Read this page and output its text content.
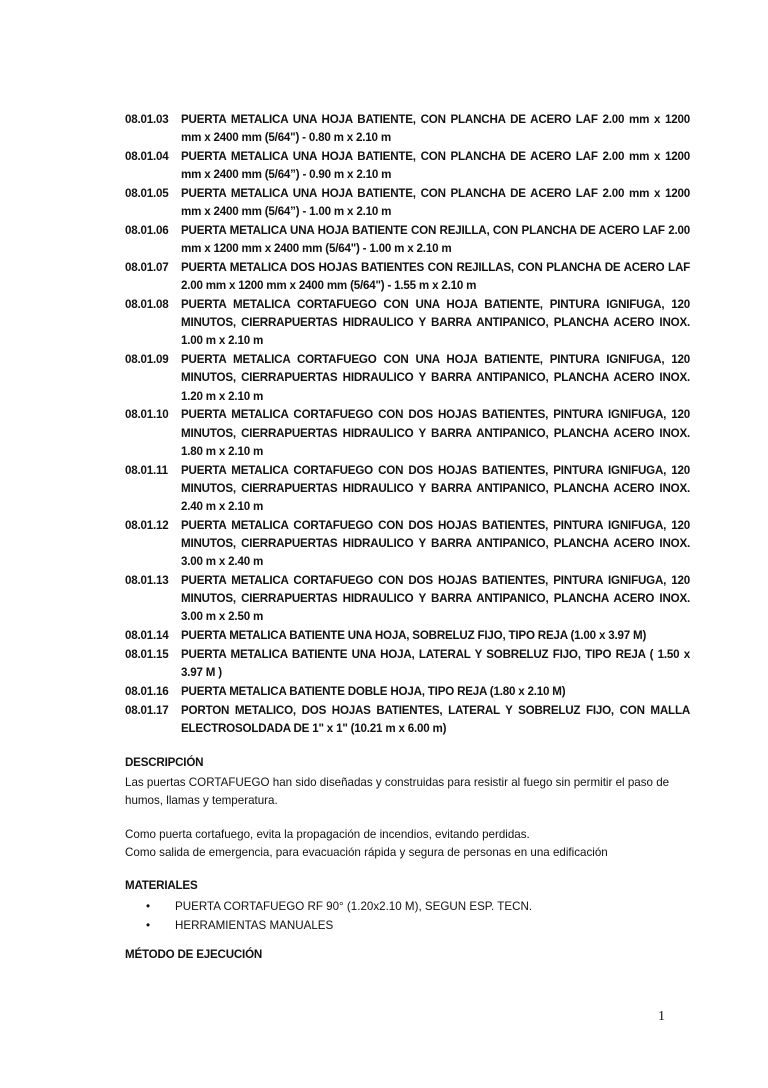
08.01.03	PUERTA METALICA UNA HOJA BATIENTE, CON PLANCHA DE ACERO LAF 2.00 mm x 1200 mm x 2400 mm (5/64") - 0.80 m x 2.10 m
08.01.04	PUERTA METALICA UNA HOJA BATIENTE, CON PLANCHA DE ACERO LAF 2.00 mm x 1200 mm x 2400 mm (5/64”) - 0.90 m x 2.10 m
08.01.05	PUERTA METALICA UNA HOJA BATIENTE, CON PLANCHA DE ACERO LAF 2.00 mm x 1200 mm x 2400 mm (5/64”) - 1.00 m x 2.10 m
08.01.06	PUERTA METALICA UNA HOJA BATIENTE CON REJILLA, CON PLANCHA DE ACERO LAF 2.00 mm x 1200 mm x 2400 mm (5/64") - 1.00 m x 2.10 m
08.01.07	PUERTA METALICA DOS HOJAS BATIENTES CON REJILLAS, CON PLANCHA DE ACERO LAF 2.00 mm x 1200 mm x 2400 mm (5/64") - 1.55 m x 2.10 m
08.01.08	PUERTA METALICA CORTAFUEGO CON UNA HOJA BATIENTE, PINTURA IGNIFUGA, 120 MINUTOS, CIERRAPUERTAS HIDRAULICO Y BARRA ANTIPANICO, PLANCHA ACERO INOX. 1.00 m x 2.10 m
08.01.09	PUERTA METALICA CORTAFUEGO CON UNA HOJA BATIENTE, PINTURA IGNIFUGA, 120 MINUTOS, CIERRAPUERTAS HIDRAULICO Y BARRA ANTIPANICO, PLANCHA ACERO INOX. 1.20 m x 2.10 m
08.01.10	PUERTA METALICA CORTAFUEGO CON DOS HOJAS BATIENTES, PINTURA IGNIFUGA, 120 MINUTOS, CIERRAPUERTAS HIDRAULICO Y BARRA ANTIPANICO, PLANCHA ACERO INOX. 1.80 m x 2.10 m
08.01.11	PUERTA METALICA CORTAFUEGO CON DOS HOJAS BATIENTES, PINTURA IGNIFUGA, 120 MINUTOS, CIERRAPUERTAS HIDRAULICO Y BARRA ANTIPANICO, PLANCHA ACERO INOX. 2.40 m x 2.10 m
08.01.12	PUERTA METALICA CORTAFUEGO CON DOS HOJAS BATIENTES, PINTURA IGNIFUGA, 120 MINUTOS, CIERRAPUERTAS HIDRAULICO Y BARRA ANTIPANICO, PLANCHA ACERO INOX. 3.00 m x 2.40 m
08.01.13	PUERTA METALICA CORTAFUEGO CON DOS HOJAS BATIENTES, PINTURA IGNIFUGA, 120 MINUTOS, CIERRAPUERTAS HIDRAULICO Y BARRA ANTIPANICO, PLANCHA ACERO INOX. 3.00 m x 2.50 m
08.01.14	PUERTA METALICA BATIENTE UNA HOJA, SOBRELUZ FIJO, TIPO REJA (1.00 x 3.97 M)
08.01.15	PUERTA METALICA BATIENTE UNA HOJA, LATERAL Y SOBRELUZ FIJO, TIPO REJA ( 1.50 x 3.97 M )
08.01.16	PUERTA METALICA BATIENTE DOBLE HOJA, TIPO REJA (1.80 x 2.10 M)
08.01.17	PORTON METALICO, DOS HOJAS BATIENTES, LATERAL Y SOBRELUZ FIJO, CON MALLA ELECTROSOLDADA DE 1" x 1" (10.21 m x 6.00 m)
DESCRIPCIÓN
Las puertas CORTAFUEGO han sido diseñadas y construidas para resistir al fuego sin permitir el paso de humos, llamas y temperatura.
Como puerta cortafuego, evita la propagación de incendios, evitando perdidas.
Como salida de emergencia, para evacuación rápida y segura de personas en una edificación
MATERIALES
•	PUERTA CORTAFUEGO RF 90° (1.20x2.10 M), SEGUN ESP. TECN.
•	HERRAMIENTAS MANUALES
MÉTODO DE EJECUCIÓN
1
